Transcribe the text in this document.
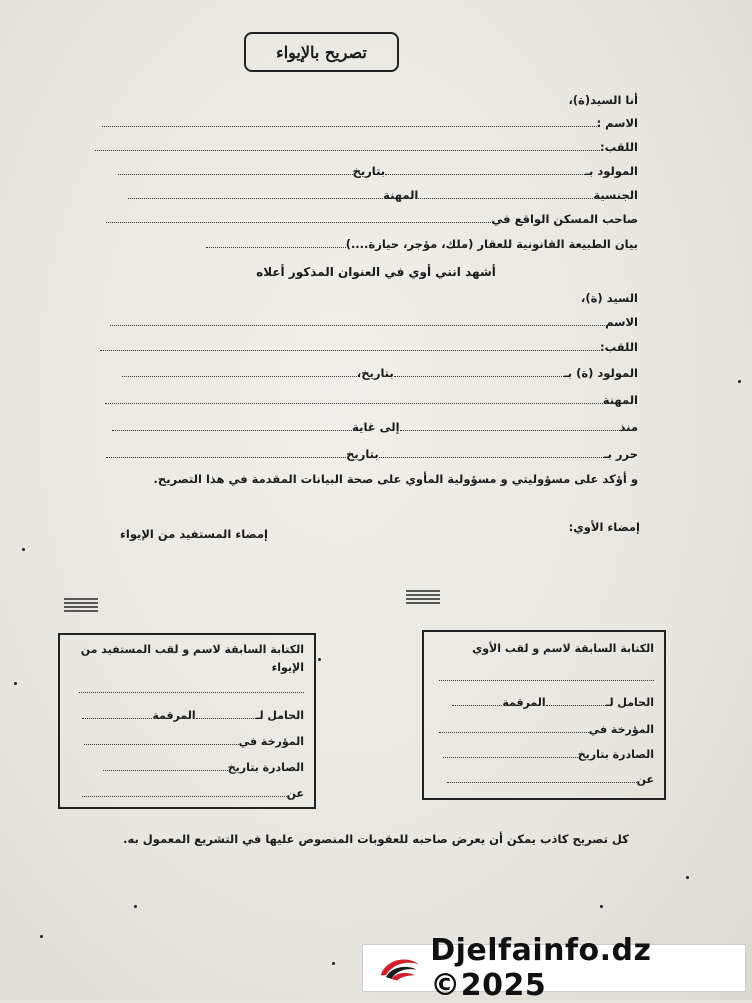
تصريح بالإيواء
أنا السيد(ة)،
الاسم :
اللقب:
المولود بـبتاريخ
الجنسيةالمهنة
صاحب المسكن الواقع في
بيان الطبيعة القانونية للعقار (ملك، مؤجر، حيازة....)
أشهد انني أوي في العنوان المذكور أعلاه
السيد (ة)،
الاسم
اللقب:
المولود (ة) بـبتاريخ،
المهنة
منذإلى غاية
حرر بـبتاريخ
و أؤكد على مسؤوليتي و مسؤولية المأوي على صحة البيانات المقدمة في هذا التصريح.
إمضاء الأوي:
إمضاء المستفيد من الإيواء
الكتابة السابقة لاسم و لقب الأوي
الحامل لـالمرقمة
المؤرخة في
الصادرة بتاريخ
عن
الكتابة السابقة لاسم و لقب المستفيد من الإيواء
الحامل لـالمرقمة
المؤرخة في
الصادرة بتاريخ
عن
كل تصريح كاذب يمكن أن يعرض صاحبه للعقوبات المنصوص عليها في التشريع المعمول به.
Djelfainfo.dz ©2025
